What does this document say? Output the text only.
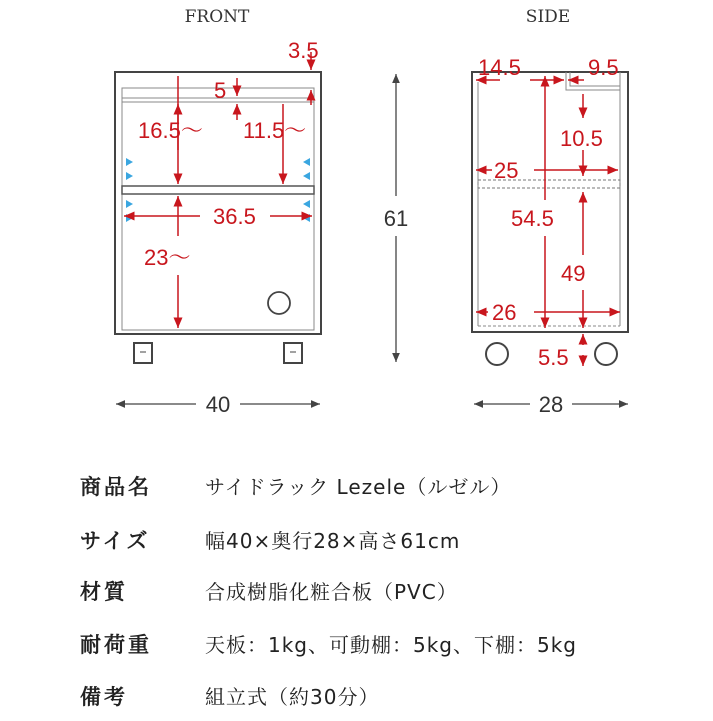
FRONT	SIDE
3.5
5
16.5～ 11.5～
36.5
23～
40
61
14.5	9.5
10.5
25
54.5
49
26
5.5
28
商品名	サイドラック Lezele（ルゼル）
サイズ	幅40×奥行28×高さ61cm
材質	合成樹脂化粧合板（PVC）
耐荷重	天板：1kg、可動棚：5kg、下棚：5kg
備考	組立式（約30分）
